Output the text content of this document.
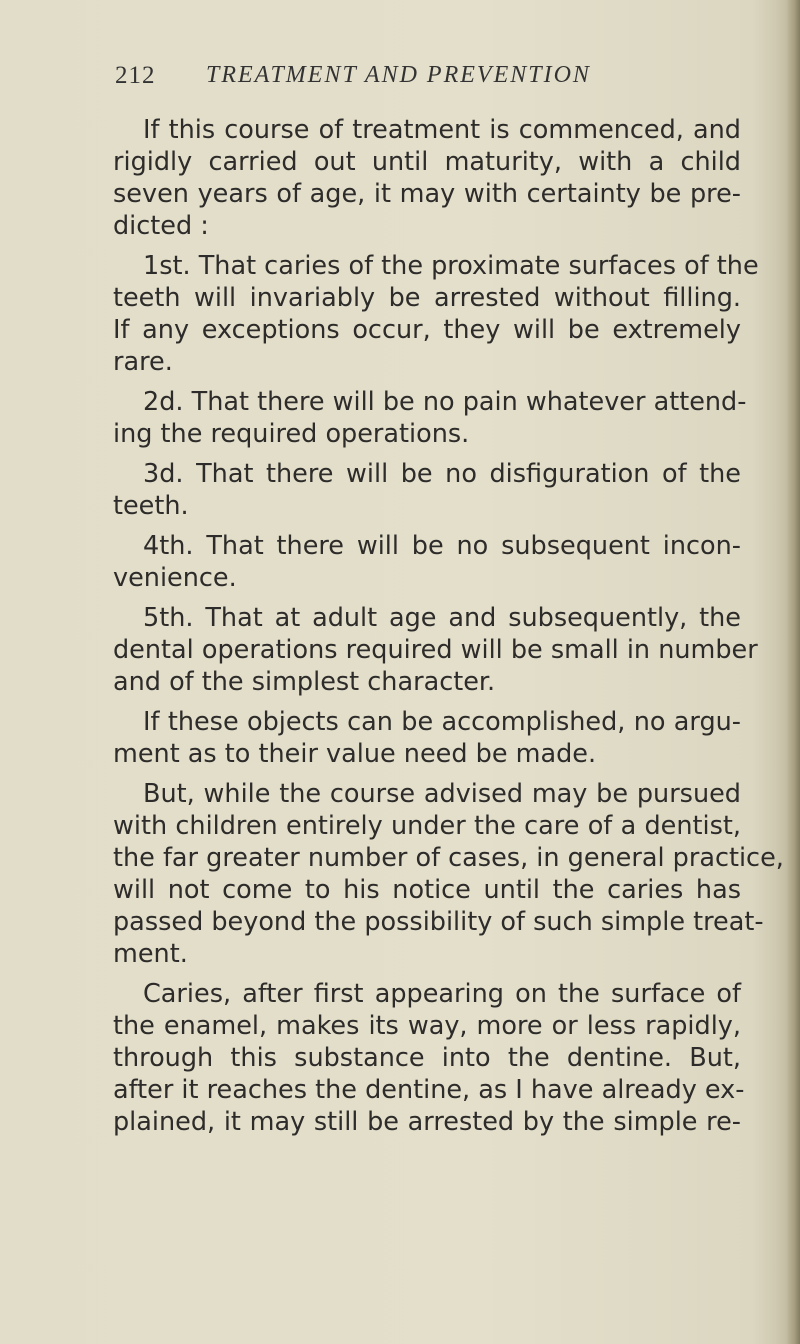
212 TREATMENT AND PREVENTION

If this course of treatment is commenced, and
rigidly carried out until maturity, with a child
seven years of age, it may with certainty be pre-
dicted :

1st. That caries of the proximate surfaces of the
teeth will invariably be arrested without filling.
If any exceptions occur, they will be extremely
rare.

2d. That there will be no pain whatever attend-
ing the required operations.

3d. That there will be no disfiguration of the
teeth.

4th. That there will be no subsequent incon-
venience.

5th. That at adult age and subsequently, the
dental operations required will be small in number
and of the simplest character.

If these objects can be accomplished, no argu-
ment as to their value need be made.

But, while the course advised may be pursued
with children entirely under the care of a dentist,
the far greater number of cases, in general practice,
will not come to his notice until the caries has
passed beyond the possibility of such simple treat-
ment.

Caries, after first appearing on the surface of
the enamel, makes its way, more or less rapidly,
through this substance into the dentine. But,
after it reaches the dentine, as I have already ex-
plained, it may still be arrested by the simple re-
